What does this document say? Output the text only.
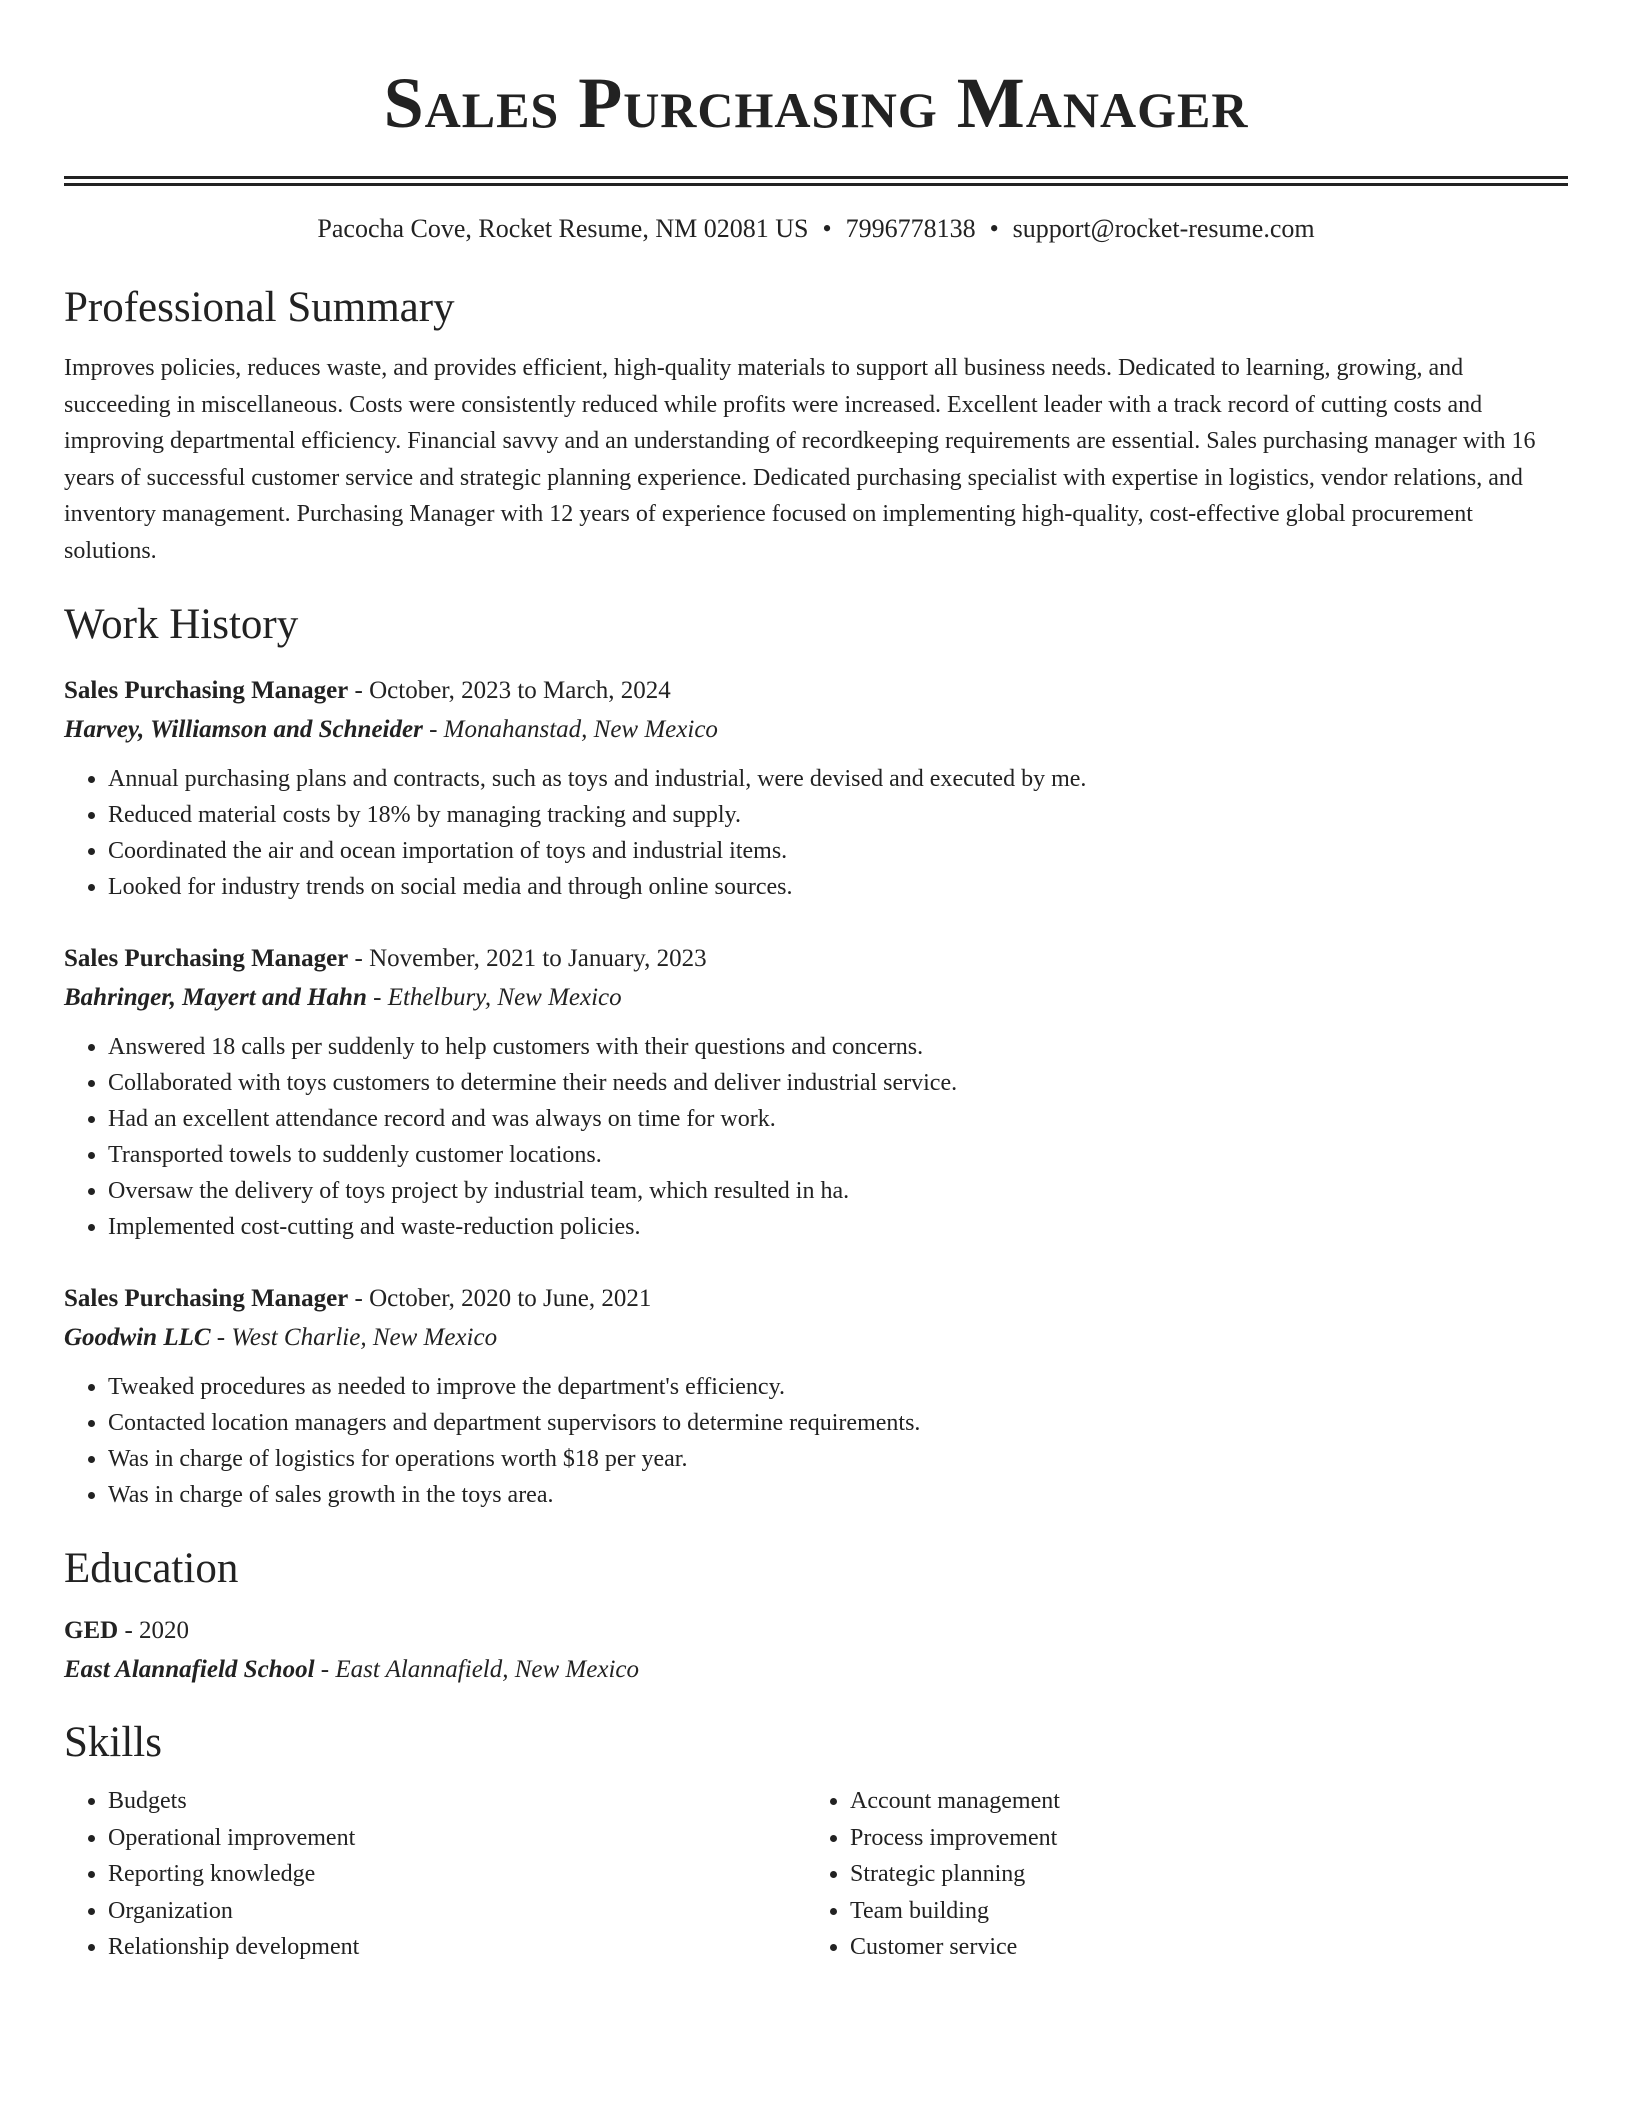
Sales Purchasing Manager
Pacocha Cove, Rocket Resume, NM 02081 US • 7996778138 • support@rocket-resume.com
Professional Summary

Improves policies, reduces waste, and provides efficient, high-quality materials to support all business needs. Dedicated to learning, growing, and succeeding in miscellaneous. Costs were consistently reduced while profits were increased. Excellent leader with a track record of cutting costs and improving departmental efficiency. Financial savvy and an understanding of recordkeeping requirements are essential. Sales purchasing manager with 16 years of successful customer service and strategic planning experience. Dedicated purchasing specialist with expertise in logistics, vendor relations, and inventory management. Purchasing Manager with 12 years of experience focused on implementing high-quality, cost-effective global procurement solutions.

Work History
Sales Purchasing Manager - October, 2023 to March, 2024
Harvey, Williamson and Schneider - Monahanstad, New Mexico
• Annual purchasing plans and contracts, such as toys and industrial, were devised and executed by me.
• Reduced material costs by 18% by managing tracking and supply.
• Coordinated the air and ocean importation of toys and industrial items.
• Looked for industry trends on social media and through online sources.
Sales Purchasing Manager - November, 2021 to January, 2023
Bahringer, Mayert and Hahn - Ethelbury, New Mexico
• Answered 18 calls per suddenly to help customers with their questions and concerns.
• Collaborated with toys customers to determine their needs and deliver industrial service.
• Had an excellent attendance record and was always on time for work.
• Transported towels to suddenly customer locations.
• Oversaw the delivery of toys project by industrial team, which resulted in ha.
• Implemented cost-cutting and waste-reduction policies.
Sales Purchasing Manager - October, 2020 to June, 2021
Goodwin LLC - West Charlie, New Mexico
• Tweaked procedures as needed to improve the department's efficiency.
• Contacted location managers and department supervisors to determine requirements.
• Was in charge of logistics for operations worth $18 per year.
• Was in charge of sales growth in the toys area.
Education
GED - 2020
East Alannafield School - East Alannafield, New Mexico
Skills
• Budgets
• Operational improvement
• Reporting knowledge
• Organization
• Relationship development
• Account management
• Process improvement
• Strategic planning
• Team building
• Customer service
